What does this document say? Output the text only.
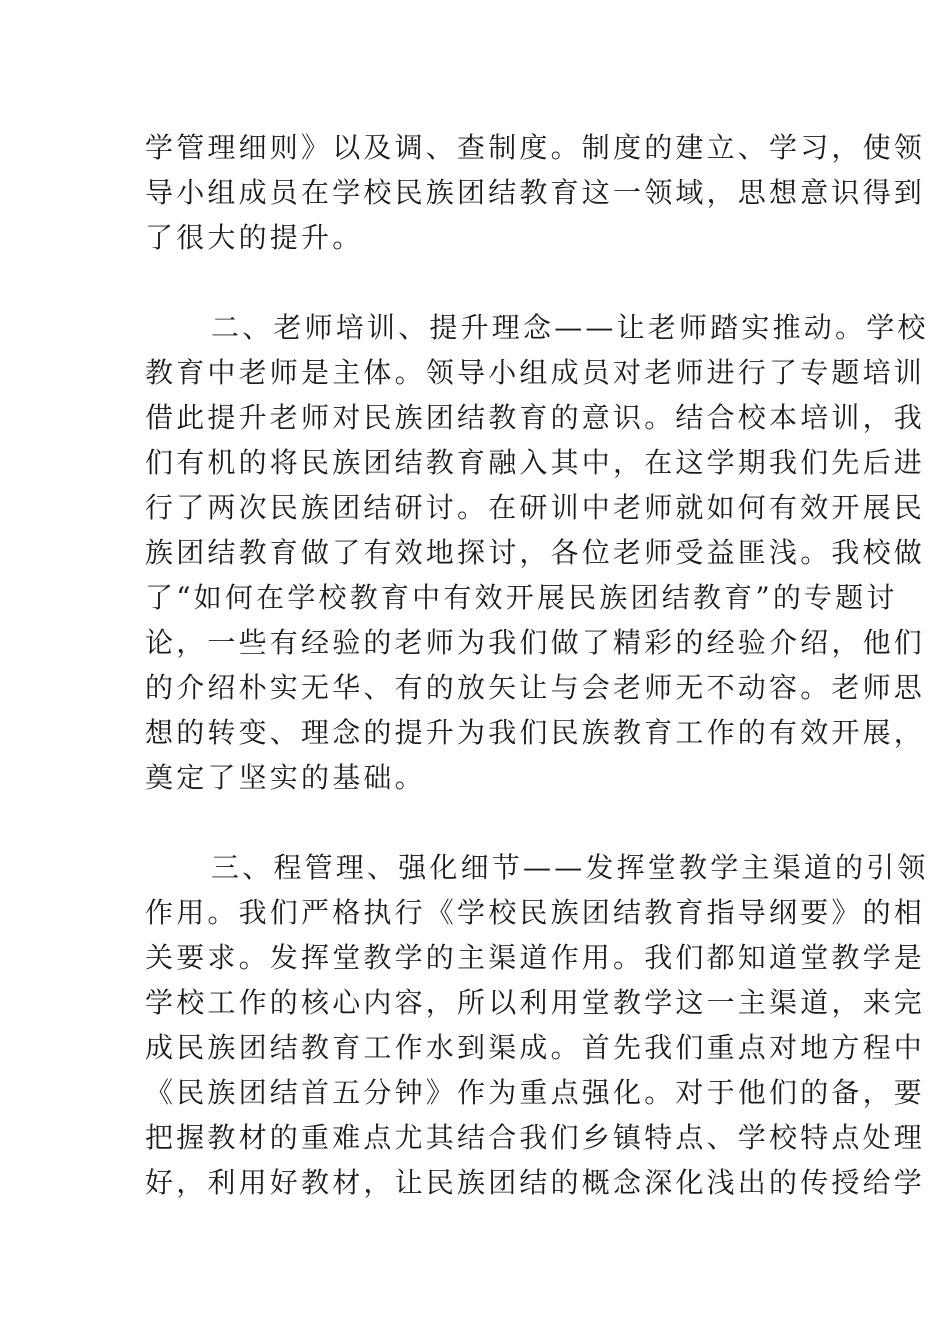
学管理细则》以及调、查制度。制度的建立、学习，使领
导小组成员在学校民族团结教育这一领域，思想意识得到
了很大的提升。
二、老师培训、提升理念——让老师踏实推动。学校
教育中老师是主体。领导小组成员对老师进行了专题培训
借此提升老师对民族团结教育的意识。结合校本培训，我
们有机的将民族团结教育融入其中，在这学期我们先后进
行了两次民族团结研讨。在研训中老师就如何有效开展民
族团结教育做了有效地探讨，各位老师受益匪浅。我校做
了“如何在学校教育中有效开展民族团结教育”的专题讨
论，一些有经验的老师为我们做了精彩的经验介绍，他们
的介绍朴实无华、有的放矢让与会老师无不动容。老师思
想的转变、理念的提升为我们民族教育工作的有效开展，
奠定了坚实的基础。
三、程管理、强化细节——发挥堂教学主渠道的引领
作用。我们严格执行《学校民族团结教育指导纲要》的相
关要求。发挥堂教学的主渠道作用。我们都知道堂教学是
学校工作的核心内容，所以利用堂教学这一主渠道，来完
成民族团结教育工作水到渠成。首先我们重点对地方程中
《民族团结首五分钟》作为重点强化。对于他们的备，要
把握教材的重难点尤其结合我们乡镇特点、学校特点处理
好，利用好教材，让民族团结的概念深化浅出的传授给学
